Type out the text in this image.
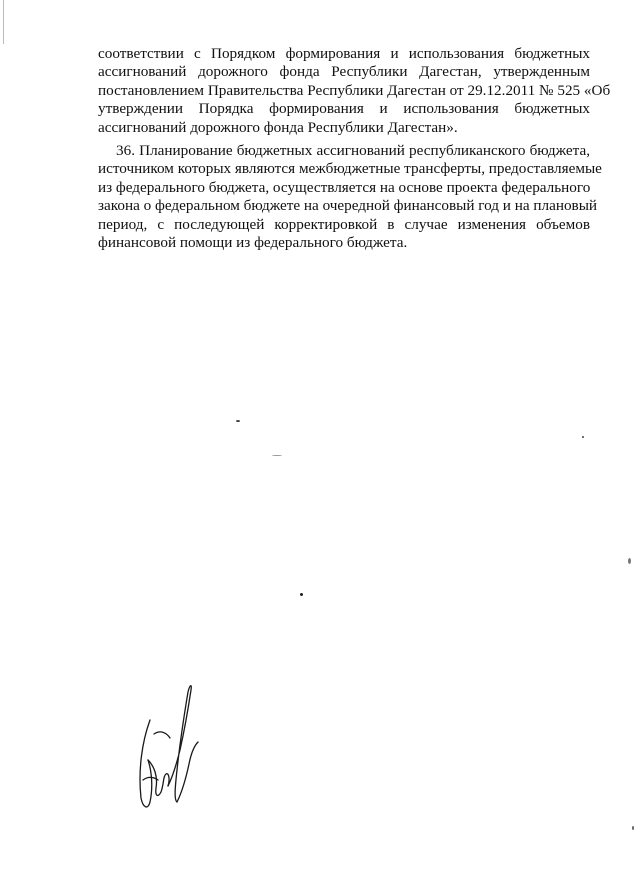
соответствии с Порядком формирования и использования бюджетных
ассигнований дорожного фонда Республики Дагестан, утвержденным
постановлением Правительства Республики Дагестан от 29.12.2011 № 525 «Об
утверждении Порядка формирования и использования бюджетных
ассигнований дорожного фонда Республики Дагестан».
36. Планирование бюджетных ассигнований республиканского бюджета,
источником которых являются межбюджетные трансферты, предоставляемые
из федерального бюджета, осуществляется на основе проекта федерального
закона о федеральном бюджете на очередной финансовый год и на плановый
период, с последующей корректировкой в случае изменения объемов
финансовой помощи из федерального бюджета.
